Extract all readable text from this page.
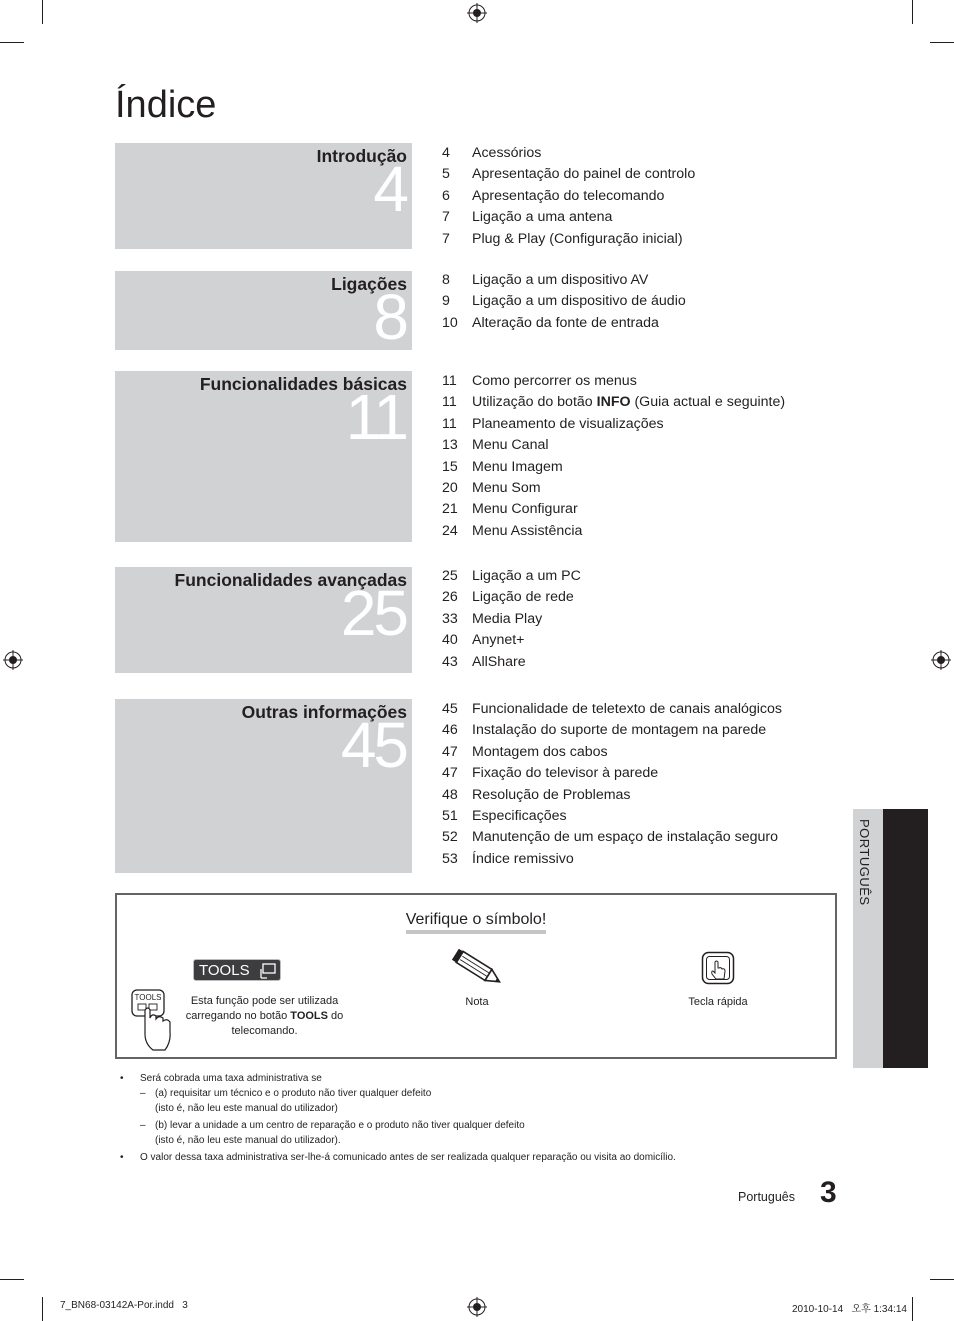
Índice
Introdução
4	4 Acessórios
5 Apresentação do painel de controlo
6 Apresentação do telecomando
7 Ligação a uma antena
7 Plug & Play (Configuração inicial)
Ligações
8
8 Ligação a um dispositivo AV
9 Ligação a um dispositivo de áudio
10 Alteração da fonte de entrada
Funcionalidades básicas
11	11 Como percorrer os menus
11 Utilização do botão INFO (Guia actual e seguinte)
11 Planeamento de visualizações
13 Menu Canal
15 Menu Imagem
20 Menu Som
21 Menu Configurar
24 Menu Assistência
Funcionalidades avançadas
25
25 Ligação a um PC
26 Ligação de rede
33 Media Play
40 Anynet+
43 AllShare
Outras informações
45	45 Funcionalidade de teletexto de canais analógicos
46 Instalação do suporte de montagem na parede
47 Montagem dos cabos
47 Fixação do televisor à parede
48 Resolução de Problemas
51 Especificações
52 Manutenção de um espaço de instalação seguro
53 Índice remissivo	PORTUGUÊS
Verifique o símbolo!
TOOLS
TOOLS	Esta função pode ser utilizada
carregando no botão TOOLS do
telecomando.
Nota	Tecla rápida
• Será cobrada uma taxa administrativa se
– (a) requisitar um técnico e o produto não tiver qualquer defeito
(isto é, não leu este manual do utilizador)
– (b) levar a unidade a um centro de reparação e o produto não tiver qualquer defeito
(isto é, não leu este manual do utilizador).
• O valor dessa taxa administrativa ser-lhe-á comunicado antes de ser realizada qualquer reparação ou visita ao domicílio.
Português 3
7_BN68-03142A-Por.indd   3	2010-10-14   오후 1:34:14
